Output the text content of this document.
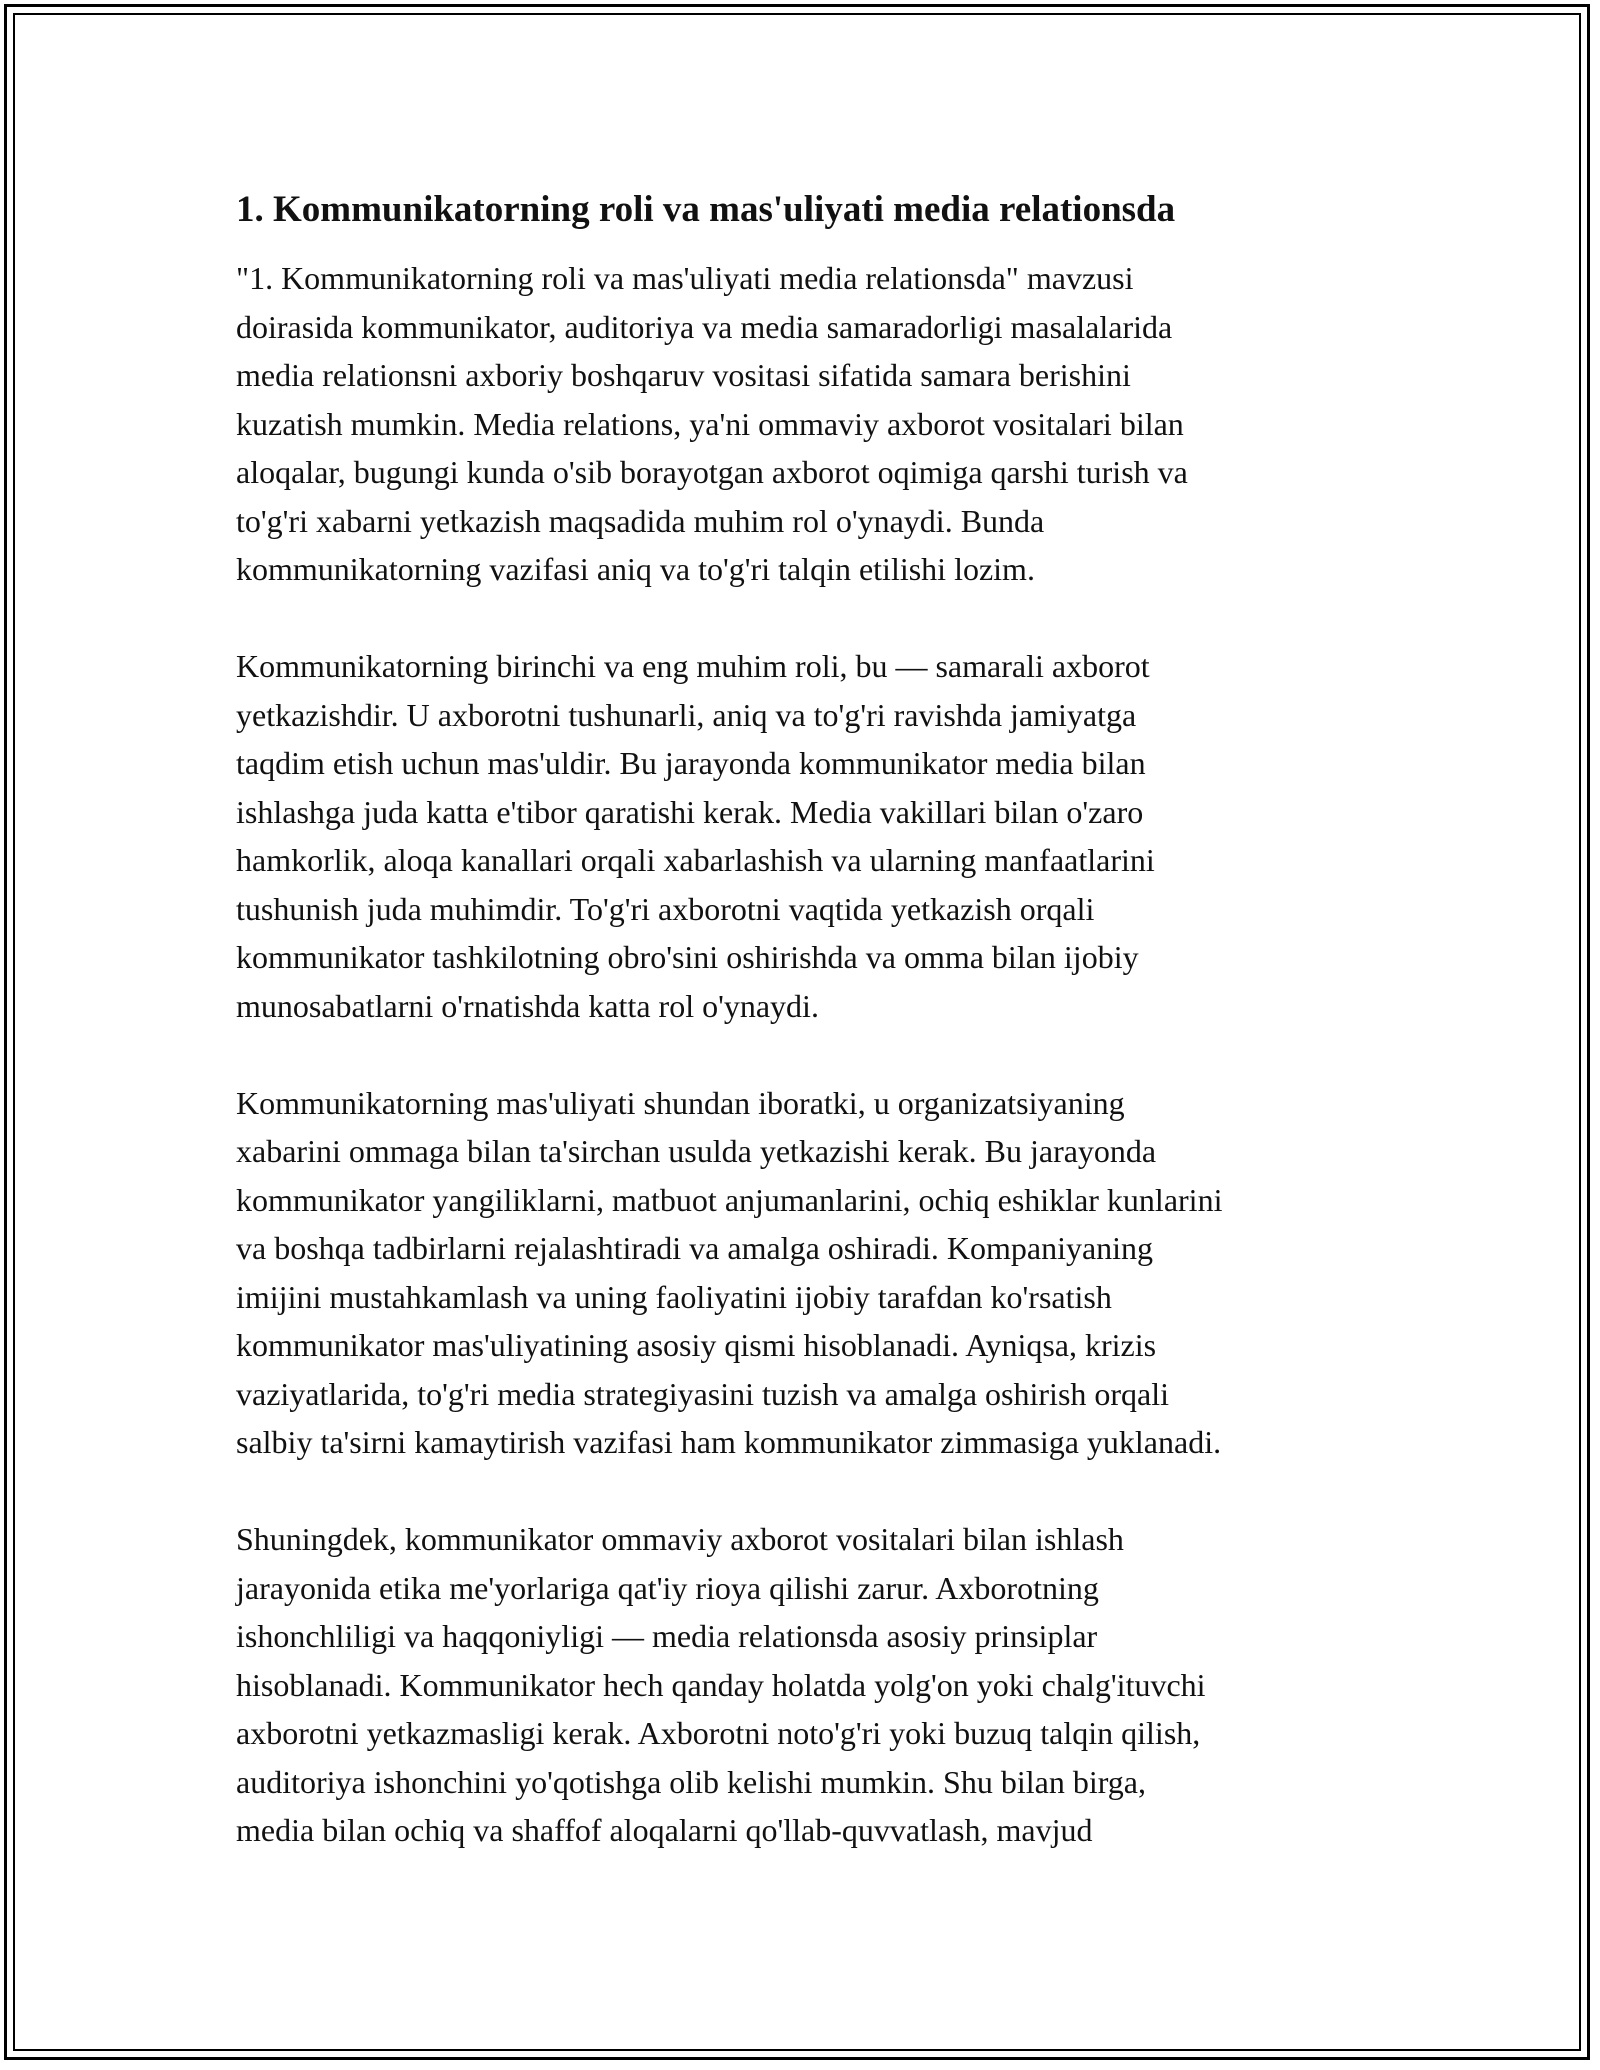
1. Kommunikatorning roli va mas'uliyati media relationsda
"1. Kommunikatorning roli va mas'uliyati media relationsda" mavzusi
doirasida kommunikator, auditoriya va media samaradorligi masalalarida
media relationsni axboriy boshqaruv vositasi sifatida samara berishini
kuzatish mumkin. Media relations, ya'ni ommaviy axborot vositalari bilan
aloqalar, bugungi kunda o'sib borayotgan axborot oqimiga qarshi turish va
to'g'ri xabarni yetkazish maqsadida muhim rol o'ynaydi. Bunda
kommunikatorning vazifasi aniq va to'g'ri talqin etilishi lozim.
Kommunikatorning birinchi va eng muhim roli, bu — samarali axborot
yetkazishdir. U axborotni tushunarli, aniq va to'g'ri ravishda jamiyatga
taqdim etish uchun mas'uldir. Bu jarayonda kommunikator media bilan
ishlashga juda katta e'tibor qaratishi kerak. Media vakillari bilan o'zaro
hamkorlik, aloqa kanallari orqali xabarlashish va ularning manfaatlarini
tushunish juda muhimdir. To'g'ri axborotni vaqtida yetkazish orqali
kommunikator tashkilotning obro'sini oshirishda va omma bilan ijobiy
munosabatlarni o'rnatishda katta rol o'ynaydi.
Kommunikatorning mas'uliyati shundan iboratki, u organizatsiyaning
xabarini ommaga bilan ta'sirchan usulda yetkazishi kerak. Bu jarayonda
kommunikator yangiliklarni, matbuot anjumanlarini, ochiq eshiklar kunlarini
va boshqa tadbirlarni rejalashtiradi va amalga oshiradi. Kompaniyaning
imijini mustahkamlash va uning faoliyatini ijobiy tarafdan ko'rsatish
kommunikator mas'uliyatining asosiy qismi hisoblanadi. Ayniqsa, krizis
vaziyatlarida, to'g'ri media strategiyasini tuzish va amalga oshirish orqali
salbiy ta'sirni kamaytirish vazifasi ham kommunikator zimmasiga yuklanadi.
Shuningdek, kommunikator ommaviy axborot vositalari bilan ishlash
jarayonida etika me'yorlariga qat'iy rioya qilishi zarur. Axborotning
ishonchliligi va haqqoniyligi — media relationsda asosiy prinsiplar
hisoblanadi. Kommunikator hech qanday holatda yolg'on yoki chalg'ituvchi
axborotni yetkazmasligi kerak. Axborotni noto'g'ri yoki buzuq talqin qilish,
auditoriya ishonchini yo'qotishga olib kelishi mumkin. Shu bilan birga,
media bilan ochiq va shaffof aloqalarni qo'llab-quvvatlash, mavjud
